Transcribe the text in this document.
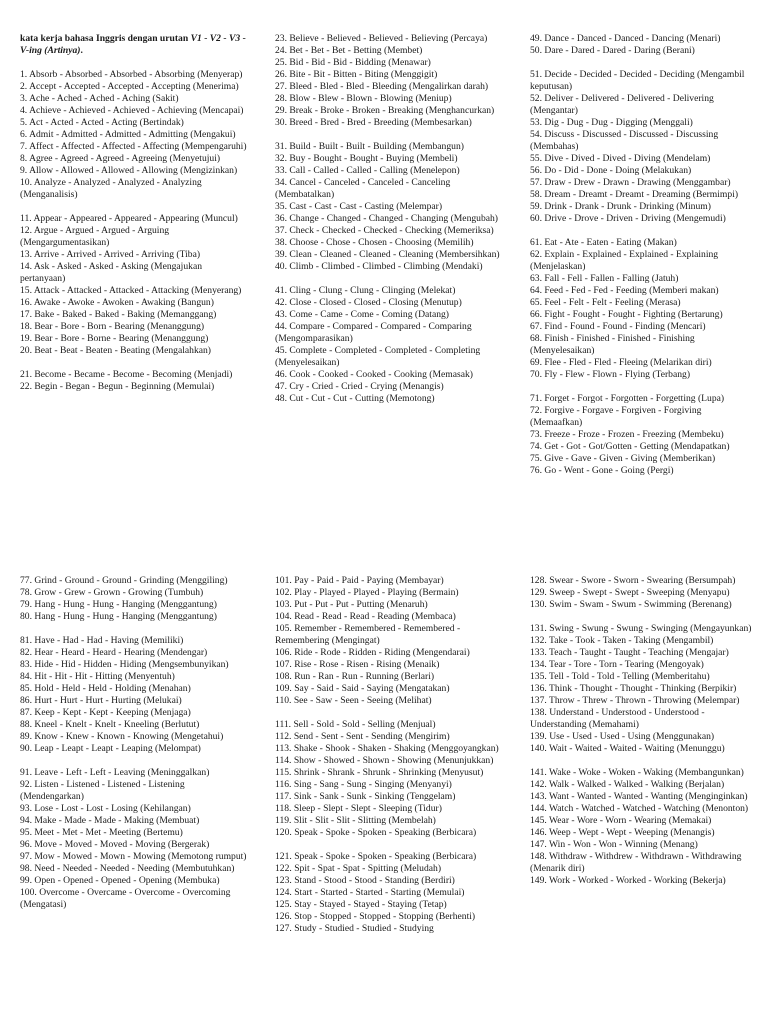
kata kerja bahasa Inggris dengan urutan V1 - V2 - V3 - V-ing (Artinya).
1. Absorb - Absorbed - Absorbed - Absorbing (Menyerap)
2. Accept - Accepted - Accepted - Accepting (Menerima)
3. Ache - Ached - Ached - Aching (Sakit)
4. Achieve - Achieved - Achieved - Achieving (Mencapai)
5. Act - Acted - Acted - Acting (Bertindak)
6. Admit - Admitted - Admitted - Admitting (Mengakui)
7. Affect - Affected - Affected - Affecting (Mempengaruhi)
8. Agree - Agreed - Agreed - Agreeing (Menyetujui)
9. Allow - Allowed - Allowed - Allowing (Mengizinkan)
10. Analyze - Analyzed - Analyzed - Analyzing (Menganalisis)
11. Appear - Appeared - Appeared - Appearing (Muncul)
12. Argue - Argued - Argued - Arguing (Mengargumentasikan)
13. Arrive - Arrived - Arrived - Arriving (Tiba)
14. Ask - Asked - Asked - Asking (Mengajukan pertanyaan)
15. Attack - Attacked - Attacked - Attacking (Menyerang)
16. Awake - Awoke - Awoken - Awaking (Bangun)
17. Bake - Baked - Baked - Baking (Memanggang)
18. Bear - Bore - Born - Bearing (Menanggung)
19. Bear - Bore - Borne - Bearing (Menanggung)
20. Beat - Beat - Beaten - Beating (Mengalahkan)
21. Become - Became - Become - Becoming (Menjadi)
22. Begin - Began - Begun - Beginning (Memulai)
23. Believe - Believed - Believed - Believing (Percaya)
24. Bet - Bet - Bet - Betting (Membet)
25. Bid - Bid - Bid - Bidding (Menawar)
26. Bite - Bit - Bitten - Biting (Menggigit)
27. Bleed - Bled - Bled - Bleeding (Mengalirkan darah)
28. Blow - Blew - Blown - Blowing (Meniup)
29. Break - Broke - Broken - Breaking (Menghancurkan)
30. Breed - Bred - Bred - Breeding (Membesarkan)
31. Build - Built - Built - Building (Membangun)
32. Buy - Bought - Bought - Buying (Membeli)
33. Call - Called - Called - Calling (Menelepon)
34. Cancel - Canceled - Canceled - Canceling (Membatalkan)
35. Cast - Cast - Cast - Casting (Melempar)
36. Change - Changed - Changed - Changing (Mengubah)
37. Check - Checked - Checked - Checking (Memeriksa)
38. Choose - Chose - Chosen - Choosing (Memilih)
39. Clean - Cleaned - Cleaned - Cleaning (Membersihkan)
40. Climb - Climbed - Climbed - Climbing (Mendaki)
41. Cling - Clung - Clung - Clinging (Melekat)
42. Close - Closed - Closed - Closing (Menutup)
43. Come - Came - Come - Coming (Datang)
44. Compare - Compared - Compared - Comparing (Mengomparasikan)
45. Complete - Completed - Completed - Completing (Menyelesaikan)
46. Cook - Cooked - Cooked - Cooking (Memasak)
47. Cry - Cried - Cried - Crying (Menangis)
48. Cut - Cut - Cut - Cutting (Memotong)
49. Dance - Danced - Danced - Dancing (Menari)
50. Dare - Dared - Dared - Daring (Berani)
51. Decide - Decided - Decided - Deciding (Mengambil keputusan)
52. Deliver - Delivered - Delivered - Delivering (Mengantar)
53. Dig - Dug - Dug - Digging (Menggali)
54. Discuss - Discussed - Discussed - Discussing (Membahas)
55. Dive - Dived - Dived - Diving (Mendelam)
56. Do - Did - Done - Doing (Melakukan)
57. Draw - Drew - Drawn - Drawing (Menggambar)
58. Dream - Dreamt - Dreamt - Dreaming (Bermimpi)
59. Drink - Drank - Drunk - Drinking (Minum)
60. Drive - Drove - Driven - Driving (Mengemudi)
61. Eat - Ate - Eaten - Eating (Makan)
62. Explain - Explained - Explained - Explaining (Menjelaskan)
63. Fall - Fell - Fallen - Falling (Jatuh)
64. Feed - Fed - Fed - Feeding (Memberi makan)
65. Feel - Felt - Felt - Feeling (Merasa)
66. Fight - Fought - Fought - Fighting (Bertarung)
67. Find - Found - Found - Finding (Mencari)
68. Finish - Finished - Finished - Finishing (Menyelesaikan)
69. Flee - Fled - Fled - Fleeing (Melarikan diri)
70. Fly - Flew - Flown - Flying (Terbang)
71. Forget - Forgot - Forgotten - Forgetting (Lupa)
72. Forgive - Forgave - Forgiven - Forgiving (Memaafkan)
73. Freeze - Froze - Frozen - Freezing (Membeku)
74. Get - Got - Got/Gotten - Getting (Mendapatkan)
75. Give - Gave - Given - Giving (Memberikan)
76. Go - Went - Gone - Going (Pergi)
77. Grind - Ground - Ground - Grinding (Menggiling)
78. Grow - Grew - Grown - Growing (Tumbuh)
79. Hang - Hung - Hung - Hanging (Menggantung)
80. Hang - Hung - Hung - Hanging (Menggantung)
81. Have - Had - Had - Having (Memiliki)
82. Hear - Heard - Heard - Hearing (Mendengar)
83. Hide - Hid - Hidden - Hiding (Mengsembunyikan)
84. Hit - Hit - Hit - Hitting (Menyentuh)
85. Hold - Held - Held - Holding (Menahan)
86. Hurt - Hurt - Hurt - Hurting (Melukai)
87. Keep - Kept - Kept - Keeping (Menjaga)
88. Kneel - Knelt - Knelt - Kneeling (Berlutut)
89. Know - Knew - Known - Knowing (Mengetahui)
90. Leap - Leapt - Leapt - Leaping (Melompat)
91. Leave - Left - Left - Leaving (Meninggalkan)
92. Listen - Listened - Listened - Listening (Mendengarkan)
93. Lose - Lost - Lost - Losing (Kehilangan)
94. Make - Made - Made - Making (Membuat)
95. Meet - Met - Met - Meeting (Bertemu)
96. Move - Moved - Moved - Moving (Bergerak)
97. Mow - Mowed - Mown - Mowing (Memotong rumput)
98. Need - Needed - Needed - Needing (Membutuhkan)
99. Open - Opened - Opened - Opening (Membuka)
100. Overcome - Overcame - Overcome - Overcoming (Mengatasi)
101. Pay - Paid - Paid - Paying (Membayar)
102. Play - Played - Played - Playing (Bermain)
103. Put - Put - Put - Putting (Menaruh)
104. Read - Read - Read - Reading (Membaca)
105. Remember - Remembered - Remembered - Remembering (Mengingat)
106. Ride - Rode - Ridden - Riding (Mengendarai)
107. Rise - Rose - Risen - Rising (Menaik)
108. Run - Ran - Run - Running (Berlari)
109. Say - Said - Said - Saying (Mengatakan)
110. See - Saw - Seen - Seeing (Melihat)
111. Sell - Sold - Sold - Selling (Menjual)
112. Send - Sent - Sent - Sending (Mengirim)
113. Shake - Shook - Shaken - Shaking (Menggoyangkan)
114. Show - Showed - Shown - Showing (Menunjukkan)
115. Shrink - Shrank - Shrunk - Shrinking (Menyusut)
116. Sing - Sang - Sung - Singing (Menyanyi)
117. Sink - Sank - Sunk - Sinking (Tenggelam)
118. Sleep - Slept - Slept - Sleeping (Tidur)
119. Slit - Slit - Slit - Slitting (Membelah)
120. Speak - Spoke - Spoken - Speaking (Berbicara)
121. Speak - Spoke - Spoken - Speaking (Berbicara)
122. Spit - Spat - Spat - Spitting (Meludah)
123. Stand - Stood - Stood - Standing (Berdiri)
124. Start - Started - Started - Starting (Memulai)
125. Stay - Stayed - Stayed - Staying (Tetap)
126. Stop - Stopped - Stopped - Stopping (Berhenti)
127. Study - Studied - Studied - Studying
128. Swear - Swore - Sworn - Swearing (Bersumpah)
129. Sweep - Swept - Swept - Sweeping (Menyapu)
130. Swim - Swam - Swum - Swimming (Berenang)
131. Swing - Swung - Swung - Swinging (Mengayunkan)
132. Take - Took - Taken - Taking (Mengambil)
133. Teach - Taught - Taught - Teaching (Mengajar)
134. Tear - Tore - Torn - Tearing (Mengoyak)
135. Tell - Told - Told - Telling (Memberitahu)
136. Think - Thought - Thought - Thinking (Berpikir)
137. Throw - Threw - Thrown - Throwing (Melempar)
138. Understand - Understood - Understood - Understanding (Memahami)
139. Use - Used - Used - Using (Menggunakan)
140. Wait - Waited - Waited - Waiting (Menunggu)
141. Wake - Woke - Woken - Waking (Membangunkan)
142. Walk - Walked - Walked - Walking (Berjalan)
143. Want - Wanted - Wanted - Wanting (Menginginkan)
144. Watch - Watched - Watched - Watching (Menonton)
145. Wear - Wore - Worn - Wearing (Memakai)
146. Weep - Wept - Wept - Weeping (Menangis)
147. Win - Won - Won - Winning (Menang)
148. Withdraw - Withdrew - Withdrawn - Withdrawing (Menarik diri)
149. Work - Worked - Worked - Working (Bekerja)
